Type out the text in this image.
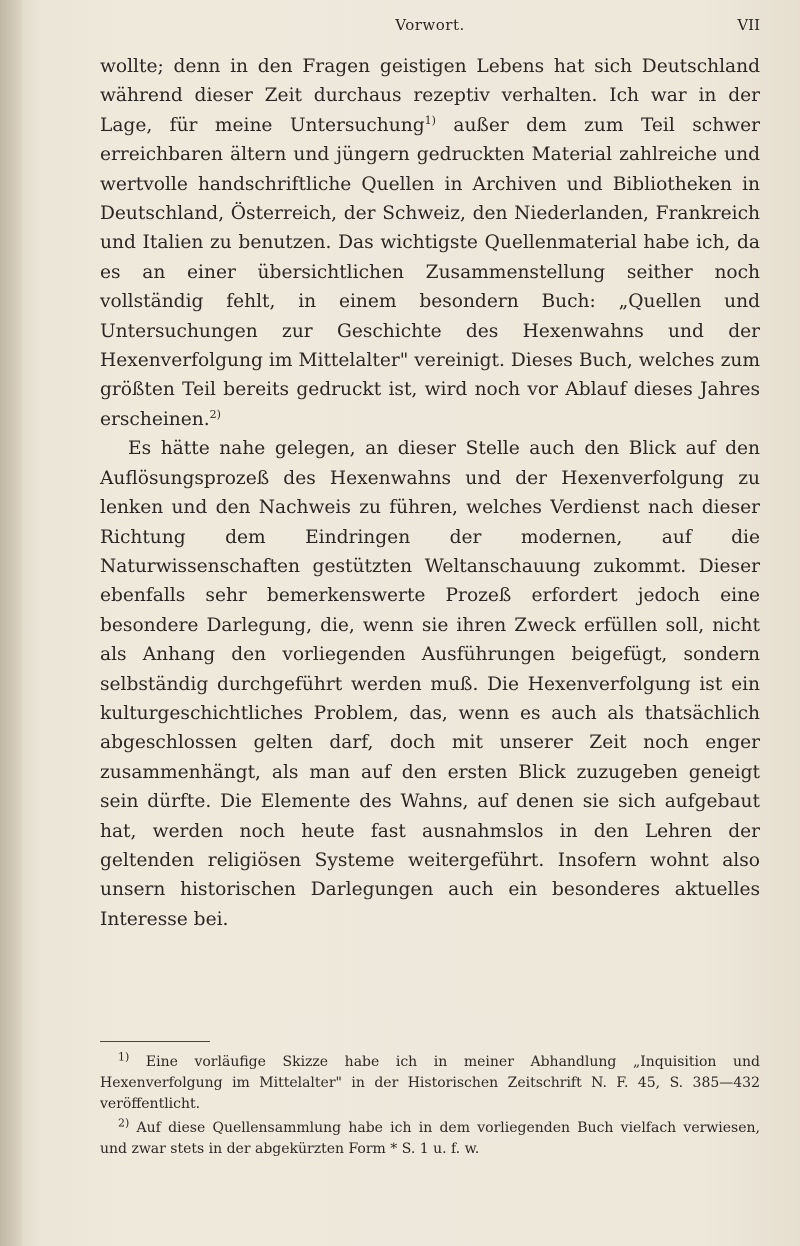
Vorwort.	VII

wollte; denn in den Fragen geistigen Lebens hat sich Deutschland während dieser Zeit durchaus rezeptiv verhalten. Ich war in der Lage, für meine Untersuchung$^{1)}$ außer dem zum Teil schwer erreichbaren ältern und jüngern gedruckten Material zahlreiche und wertvolle handschriftliche Quellen in Archiven und Bibliotheken in Deutschland, Österreich, der Schweiz, den Niederlanden, Frankreich und Italien zu benutzen. Das wichtigste Quellenmaterial habe ich, da es an einer übersichtlichen Zusammenstellung seither noch vollständig fehlt, in einem besondern Buch: „Quellen und Untersuchungen zur Geschichte des Hexenwahns und der Hexenverfolgung im Mittelalter" vereinigt. Dieses Buch, welches zum größten Teil bereits gedruckt ist, wird noch vor Ablauf dieses Jahres erscheinen.$^{2)}$

Es hätte nahe gelegen, an dieser Stelle auch den Blick auf den Auflösungsprozeß des Hexenwahns und der Hexenverfolgung zu lenken und den Nachweis zu führen, welches Verdienst nach dieser Richtung dem Eindringen der modernen, auf die Naturwissenschaften gestützten Weltanschauung zukommt. Dieser ebenfalls sehr bemerkenswerte Prozeß erfordert jedoch eine besondere Darlegung, die, wenn sie ihren Zweck erfüllen soll, nicht als Anhang den vorliegenden Ausführungen beigefügt, sondern selbständig durchgeführt werden muß. Die Hexenverfolgung ist ein kulturgeschichtliches Problem, das, wenn es auch als thatsächlich abgeschlossen gelten darf, doch mit unserer Zeit noch enger zusammenhängt, als man auf den ersten Blick zuzugeben geneigt sein dürfte. Die Elemente des Wahns, auf denen sie sich aufgebaut hat, werden noch heute fast ausnahmslos in den Lehren der geltenden religiösen Systeme weitergeführt. Insofern wohnt also unsern historischen Darlegungen auch ein besonderes aktuelles Interesse bei.

$^{1)}$ Eine vorläufige Skizze habe ich in meiner Abhandlung „Inquisition und Hexenverfolgung im Mittelalter" in der Historischen Zeitschrift N. F. 45, S. 385—432 veröffentlicht.

$^{2)}$ Auf diese Quellensammlung habe ich in dem vorliegenden Buch vielfach verwiesen, und zwar stets in der abgekürzten Form * S. 1 u. f. w.
